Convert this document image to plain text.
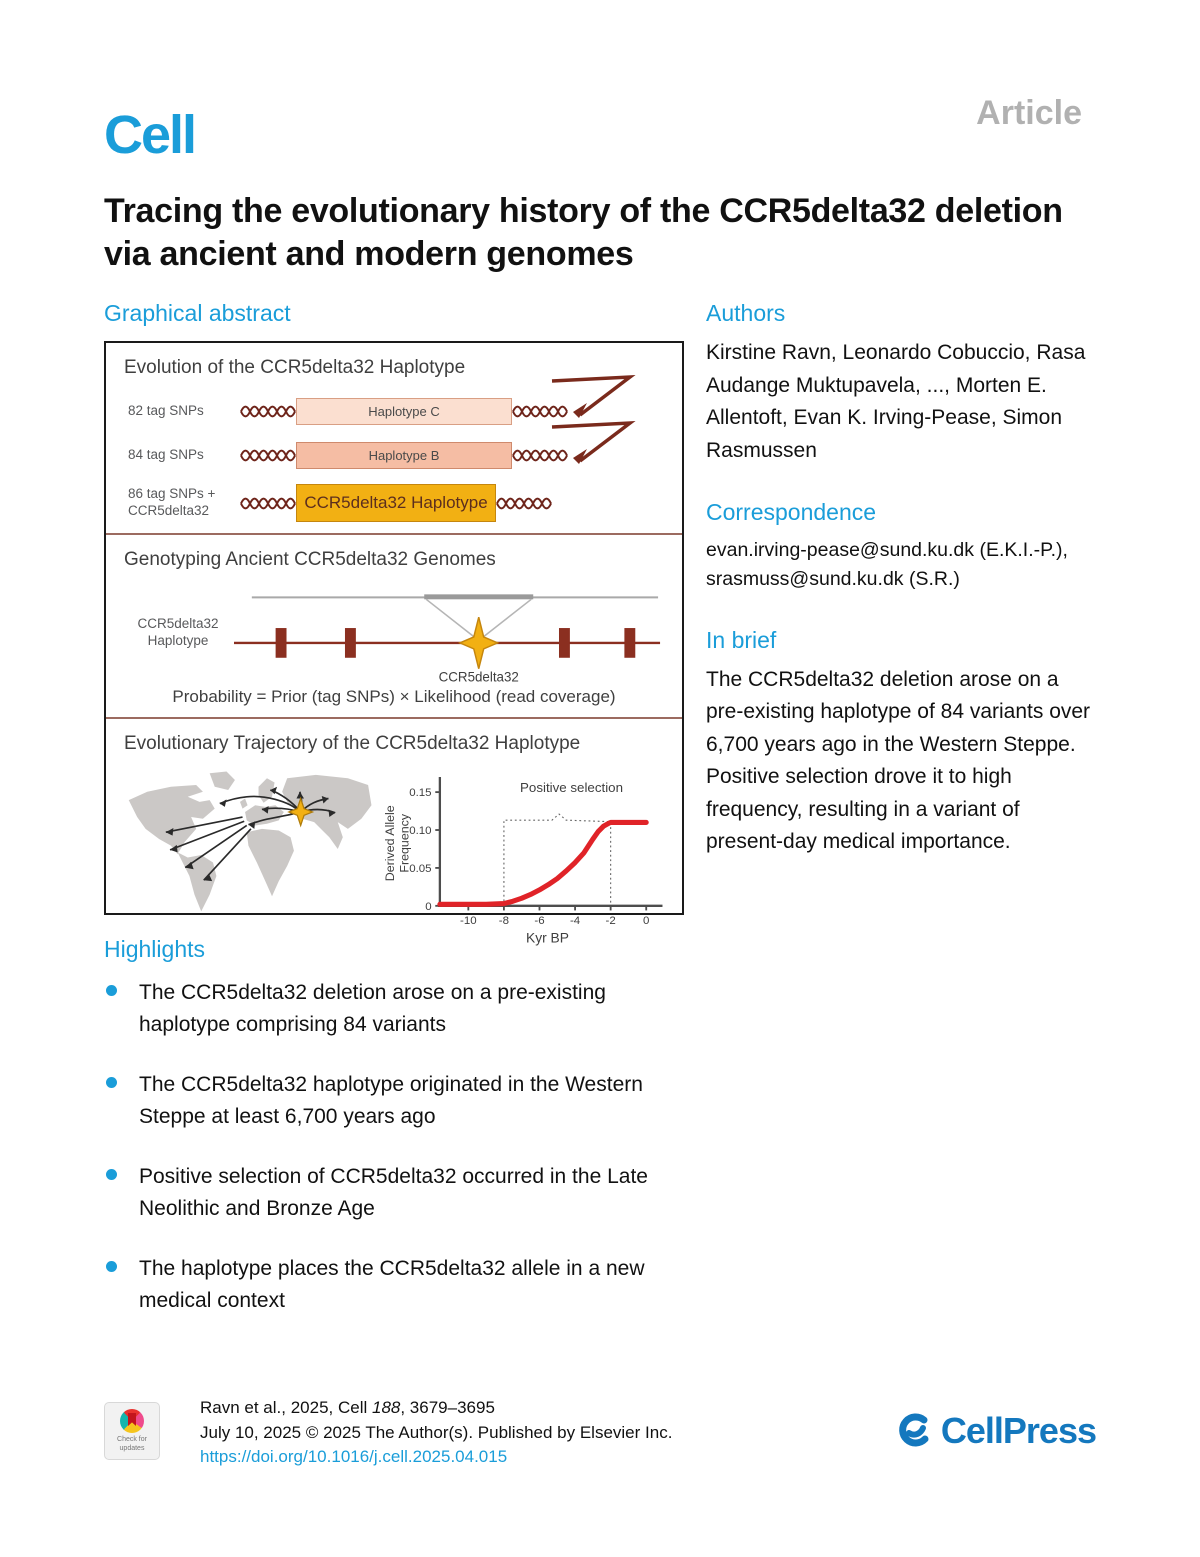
Cell	Article
Tracing the evolutionary history of the CCR5delta32 deletion via ancient and modern genomes
Graphical abstract
Evolution of the CCR5delta32 Haplotype
82 tag SNPs	Haplotype C
84 tag SNPs	Haplotype B
86 tag SNPs + CCR5delta32	CCR5delta32 Haplotype
Genotyping Ancient CCR5delta32 Genomes
CCR5delta32 Haplotype
CCR5delta32
Probability = Prior (tag SNPs) × Likelihood (read coverage)
Evolutionary Trajectory of the CCR5delta32 Haplotype
0
0.05
0.10
0.15
-10 -8 -6 -4 -2 0
Positive selection
Derived Allele Frequency
Kyr BP
Authors

Kirstine Ravn, Leonardo Cobuccio, Rasa Audange Muktupavela, ..., Morten E. Allentoft, Evan K. Irving-Pease, Simon Rasmussen

Correspondence

evan.irving-pease@sund.ku.dk (E.K.I.-P.), srasmuss@sund.ku.dk (S.R.)

In brief

The CCR5delta32 deletion arose on a pre-existing haplotype of 84 variants over 6,700 years ago in the Western Steppe. Positive selection drove it to high frequency, resulting in a variant of present-day medical importance.

Highlights
The CCR5delta32 deletion arose on a pre-existing haplotype comprising 84 variants
The CCR5delta32 haplotype originated in the Western Steppe at least 6,700 years ago
Positive selection of CCR5delta32 occurred in the Late Neolithic and Bronze Age
The haplotype places the CCR5delta32 allele in a new medical context
Check for updates
Ravn et al., 2025, Cell 188, 3679–3695
July 10, 2025 © 2025 The Author(s). Published by Elsevier Inc.
https://doi.org/10.1016/j.cell.2025.04.015
CellPress
